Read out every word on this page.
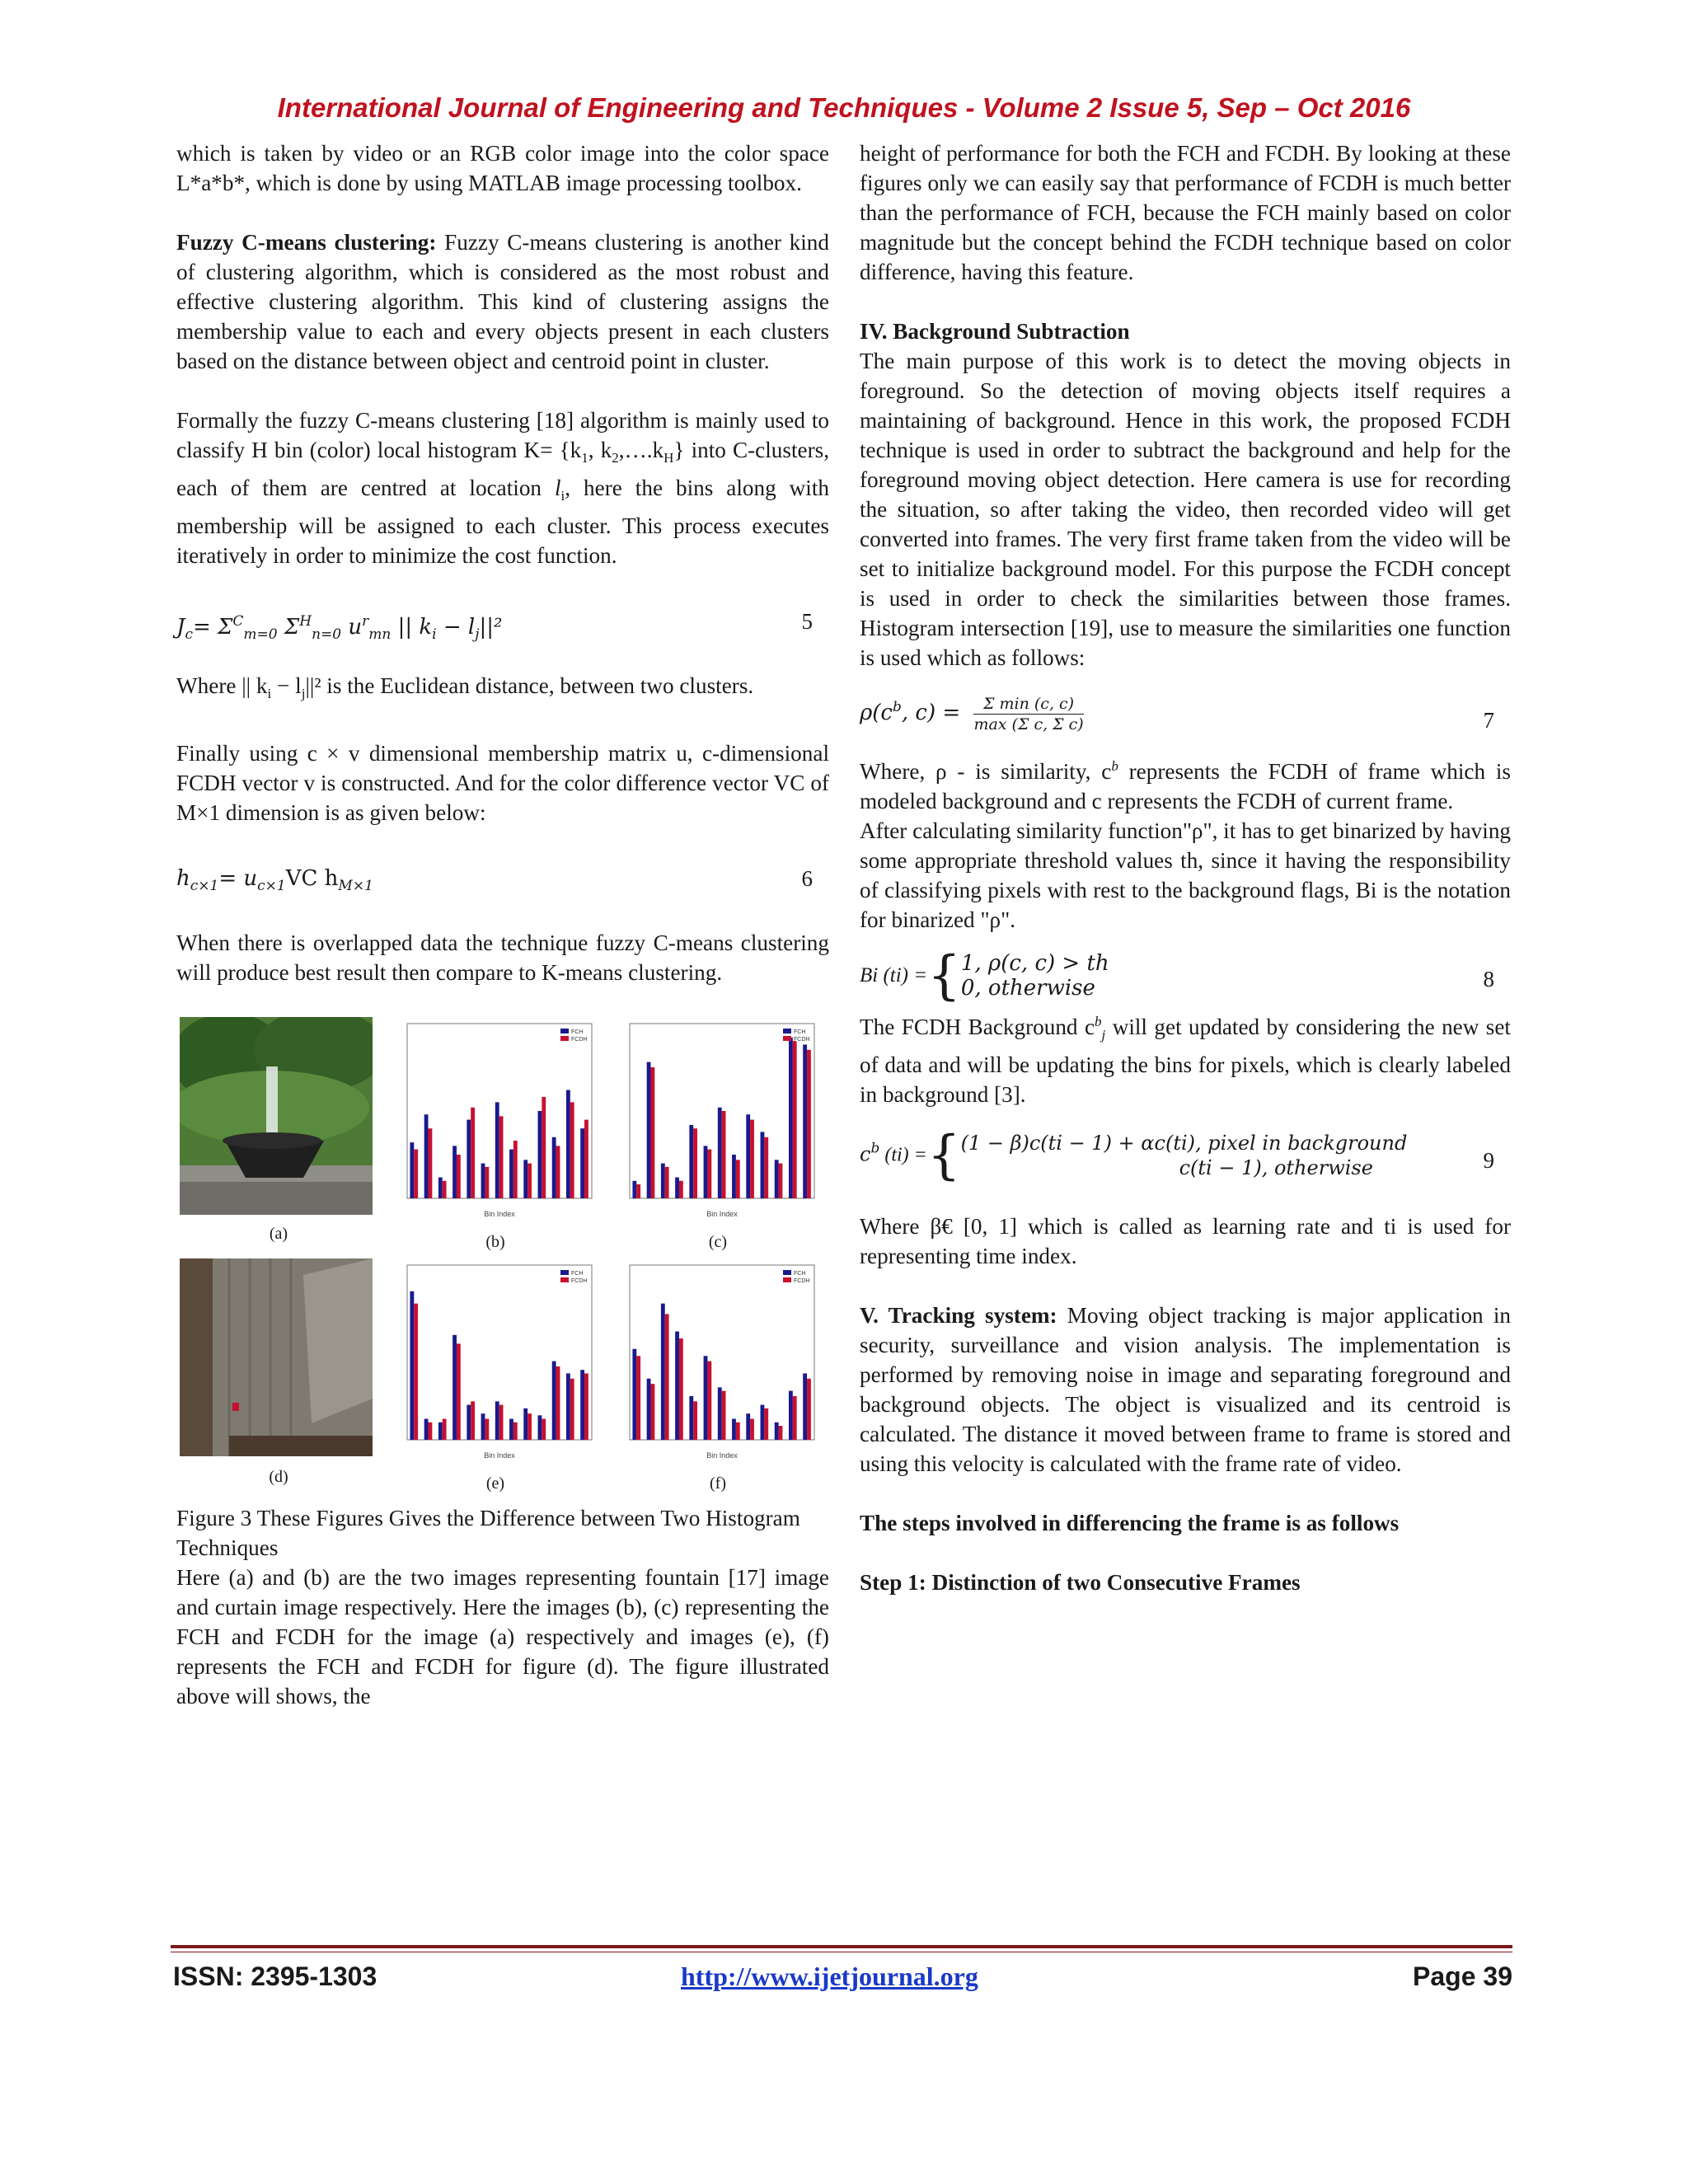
International Journal of Engineering and Techniques - Volume 2 Issue 5, Sep – Oct 2016

which is taken by video or an RGB color image into the color space L*a*b*, which is done by using MATLAB image processing toolbox.

Fuzzy C-means clustering: Fuzzy C-means clustering is another kind of clustering algorithm, which is considered as the most robust and effective clustering algorithm. This kind of clustering assigns the membership value to each and every objects present in each clusters based on the distance between object and centroid point in cluster.

Formally the fuzzy C-means clustering [18] algorithm is mainly used to classify H bin (color) local histogram $K= \{k_1$, $k_2,\dots.k_H$} into C-clusters, each of them are centred at location $l_i$, here the bins along with membership will be assigned to each cluster. This process executes iteratively in order to minimize the cost function.

$J_c= \Sigma^C_{m=0}$ $\Sigma^H_{n=0}$ $u^r_{mn}$ || $k_i - l_j||^2$	5

Where || $k_i - l_j||^2$ is the Euclidean distance, between two clusters.

Finally using c × v dimensional membership matrix u, c-dimensional FCDH vector v is constructed. And for the color difference vector VC of M×1 dimension is as given below:

$h_{c\times 1}= u_{c\times 1}VC$ $h_{M\times 1}$	6

When there is overlapped data the technique fuzzy C-means clustering will produce best result then compare to K-means clustering.

FCH
FCDH
Bin Index
FCH
FCDH
Bin Index
FCH
FCDH
Bin Index
FCH
FCDH
Bin Index
(a)	(b)	(c)
(d)	(e)	(f)

Figure 3 These Figures Gives the Difference between Two Histogram Techniques

Here (a) and (b) are the two images representing fountain [17] image and curtain image respectively. Here the images (b), (c) representing the FCH and FCDH for the image (a) respectively and images (e), (f) represents the FCH and FCDH for figure (d). The figure illustrated above will shows, the

height of performance for both the FCH and FCDH. By looking at these figures only we can easily say that performance of FCDH is much better than the performance of FCH, because the FCH mainly based on color magnitude but the concept behind the FCDH technique based on color difference, having this feature.

IV. Background Subtraction
The main purpose of this work is to detect the moving objects in foreground. So the detection of moving objects itself requires a maintaining of background. Hence in this work, the proposed FCDH technique is used in order to subtract the background and help for the foreground moving object detection. Here camera is use for recording the situation, so after taking the video, then recorded video will get converted into frames. The very first frame taken from the video will be set to initialize background model. For this purpose the FCDH concept is used in order to check the similarities between those frames. Histogram intersection [19], use to measure the similarities one function is used which as follows:

$\rho(c^b$, $c) = \frac{\text{Σ min (c, c)}}{\text{max (Σ c, Σ c)}}$	7

Where, ρ - is similarity, $c^b$ represents the FCDH of frame which is modeled background and c represents the FCDH of current frame.

After calculating similarity function"ρ", it has to get binarized by having some appropriate threshold values th, since it having the responsibility of classifying pixels with rest to the background flags, Bi is the notation for binarized "ρ".

Bi (ti) ={ 1, ρ(c, c) > th
0, otherwise	8

The FCDH Background $c^b_j$ will get updated by considering the new set of data and will be updating the bins for pixels, which is clearly labeled in background [3].

$c^b$ (ti) ={ (1 − β)c(ti − 1) + αc(ti), pixel in background
c(ti − 1), otherwise	9

Where β€ [0, 1] which is called as learning rate and ti is used for representing time index.

V. Tracking system: Moving object tracking is major application in security, surveillance and vision analysis. The implementation is performed by removing noise in image and separating foreground and background objects. The object is visualized and its centroid is calculated. The distance it moved between frame to frame is stored and using this velocity is calculated with the frame rate of video.

The steps involved in differencing the frame is as follows

Step 1: Distinction of two Consecutive Frames

ISSN: 2395-1303	http://www.ijetjournal.org	Page 39
